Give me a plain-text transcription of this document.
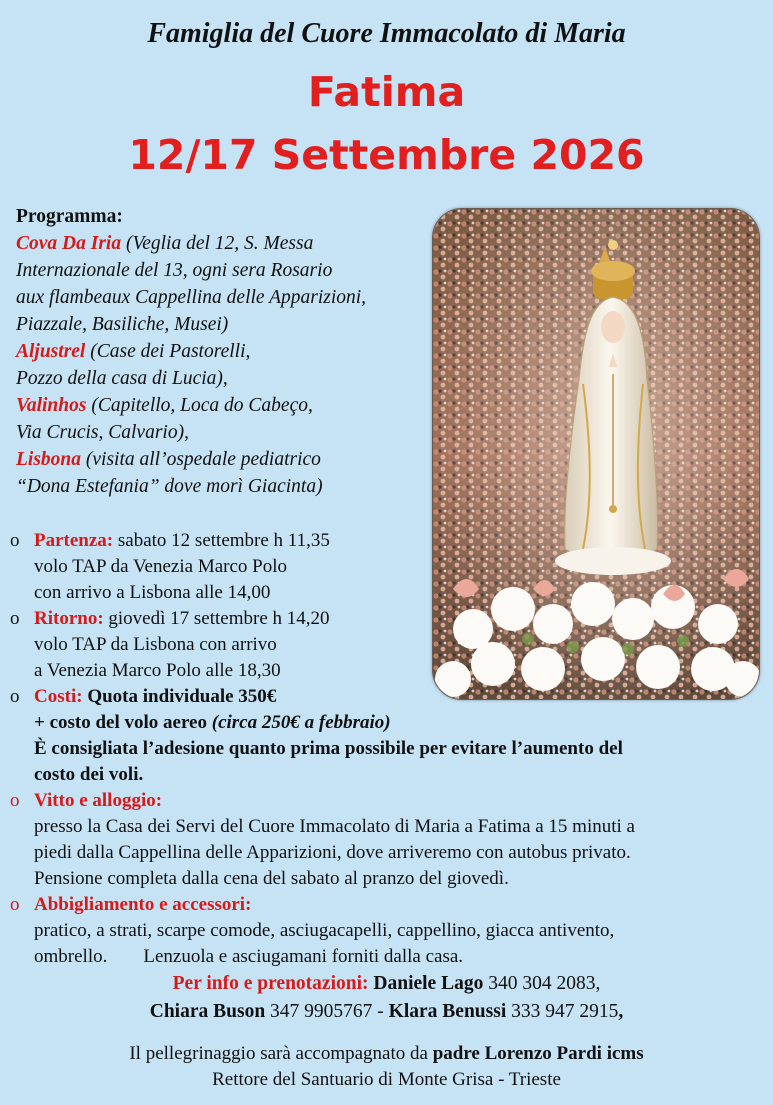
Famiglia del Cuore Immacolato di Maria
Fatima
12/17 Settembre 2026
Programma:
Cova Da Iria (Veglia del 12, S. Messa
Internazionale del 13, ogni sera Rosario
aux flambeaux Cappellina delle Apparizioni,
Piazzale, Basiliche, Musei)
Aljustrel (Case dei Pastorelli,
Pozzo della casa di Lucia),
Valinhos (Capitello, Loca do Cabeço,
Via Crucis, Calvario),
Lisbona (visita all’ospedale pediatrico
“Dona Estefania” dove morì Giacinta)
o Partenza: sabato 12 settembre h 11,35
volo TAP da Venezia Marco Polo
con arrivo a Lisbona alle 14,00
o Ritorno: giovedì 17 settembre h 14,20
volo TAP da Lisbona con arrivo
a Venezia Marco Polo alle 18,30
o Costi: Quota individuale 350€
+ costo del volo aereo (circa 250€ a febbraio)
È consigliata l’adesione quanto prima possibile per evitare l’aumento del
costo dei voli.
o Vitto e alloggio:
presso la Casa dei Servi del Cuore Immacolato di Maria a Fatima a 15 minuti a
piedi dalla Cappellina delle Apparizioni, dove arriveremo con autobus privato.
Pensione completa dalla cena del sabato al pranzo del giovedì.
o Abbigliamento e accessori:
pratico, a strati, scarpe comode, asciugacapelli, cappellino, giacca antivento,
ombrello. Lenzuola e asciugamani forniti dalla casa.
Per info e prenotazioni: Daniele Lago 340 304 2083,
Chiara Buson 347 9905767 - Klara Benussi 333 947 2915,
Il pellegrinaggio sarà accompagnato da padre Lorenzo Pardi icms
Rettore del Santuario di Monte Grisa - Trieste
